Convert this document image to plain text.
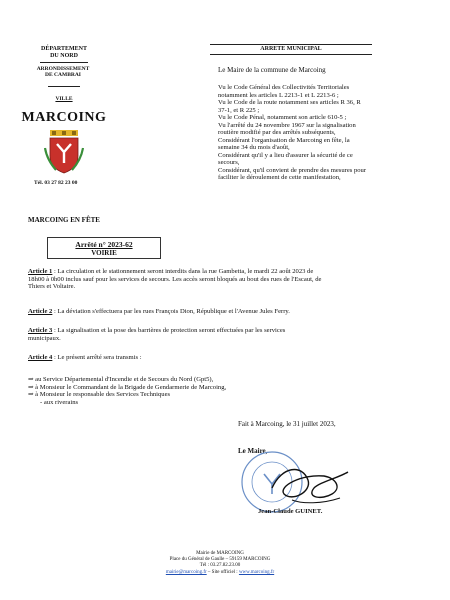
DÉPARTEMENT
DU NORD
ARRONDISSEMENT
DE CAMBRAI
VILLE
MARCOING
Tél. 03 27 82 23 00
ARRETE MUNICIPAL
Le Maire de la commune de Marcoing
Vu le Code Général des Collectivités Territoriales
notamment les articles L 2213-1 et L 2213-6 ;
Vu le Code de la route notamment ses articles R 36, R
37-1, et R 225 ;
Vu le Code Pénal, notamment son article 610-5 ;
Vu l'arrêté du 24 novembre 1967 sur la signalisation
routière modifié par des arrêtés subséquents,
Considérant l'organisation de Marcoing en fête, la
semaine 34 du mois d'août,
Considérant qu'il y a lieu d'assurer la sécurité de ce
secours,
Considérant, qu'il convient de prendre des mesures pour
faciliter le déroulement de cette manifestation,
MARCOING EN FÊTE
Arrêté n° 2023-62
VOIRIE
Article 1 : La circulation et le stationnement seront interdits dans la rue Gambetta, le mardi 22 août 2023 de
18h00 à 0h00 inclus sauf pour les services de secours. Les accès seront bloqués au bout des rues de l'Escaut, de
Thiers et Voltaire.
Article 2 : La déviation s'effectuera par les rues François Dion, République et l'Avenue Jules Ferry.
Article 3 : La signalisation et la pose des barrières de protection seront effectuées par les services
municipaux.
Article 4 : Le présent arrêté sera transmis :
⇒ au Service Départemental d'Incendie et de Secours du Nord (Gpt5),
⇒ à Monsieur le Commandant de la Brigade de Gendarmerie de Marcoing,
⇒ à Monsieur le responsable des Services Techniques
- aux riverains
Fait à Marcoing, le 31 juillet 2023,
Le Maire,
Jean-Claude GUINET.
Mairie de MARCOING
Place du Général de Gaulle – 59159 MARCOING
Tél : 03.27.82.23.00
mairie@marcoing.fr – Site officiel : www.marcoing.fr
